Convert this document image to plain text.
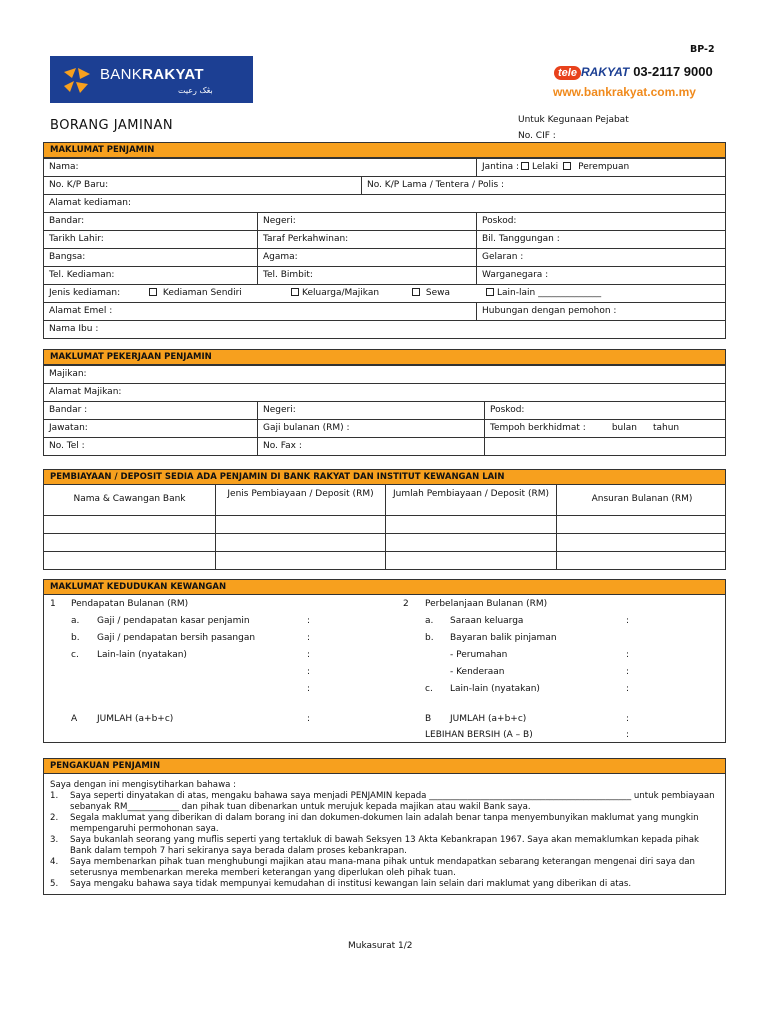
BP-2
BANKRAKYAT
بڠک رعيت
tele RAKYAT 03-2117 9000
www.bankrakyat.com.my
BORANG JAMINAN	Untuk Kegunaan Pejabat
No. CIF :
MAKLUMAT PENJAMIN
Nama:	Jantina : Lelaki Perempuan
No. K/P Baru:	No. K/P Lama / Tentera / Polis :
Alamat kediaman:
Bandar:	Negeri:	Poskod:
Tarikh Lahir:	Taraf Perkahwinan:	Bil. Tanggungan :
Bangsa:	Agama:	Gelaran :
Tel. Kediaman:	Tel. Bimbit:	Warganegara :
Jenis kediaman:	Kediaman Sendiri	Keluarga/Majikan	Sewa	Lain-lain ______________
Alamat Emel :	Hubungan dengan pemohon :
Nama Ibu :
MAKLUMAT PEKERJAAN PENJAMIN
Majikan:
Alamat Majikan:
Bandar :	Negeri:	Poskod:
Jawatan:	Gaji bulanan (RM) :	Tempoh berkhidmat :	bulan tahun
No. Tel :	No. Fax :
PEMBIAYAAN / DEPOSIT SEDIA ADA PENJAMIN DI BANK RAKYAT DAN INSTITUT KEWANGAN LAIN
Nama & Cawangan Bank	Jenis Pembiayaan / Deposit (RM)	Jumlah Pembiayaan / Deposit (RM)	Ansuran Bulanan (RM)
MAKLUMAT KEDUDUKAN KEWANGAN
1 Pendapatan Bulanan (RM)
a. Gaji / pendapatan kasar penjamin	:
b. Gaji / pendapatan bersih pasangan	:
c. Lain-lain (nyatakan)	:
:
:
A JUMLAH (a+b+c)	:
2 Perbelanjaan Bulanan (RM)
a. Saraan keluarga	:
b. Bayaran balik pinjaman
- Perumahan	:
- Kenderaan	:
c. Lain-lain (nyatakan)	:
B JUMLAH (a+b+c)	:
LEBIHAN BERSIH (A – B)	:
PENGAKUAN PENJAMIN
Saya dengan ini mengisytiharkan bahawa :
1.	Saya seperti dinyatakan di atas, mengaku bahawa saya menjadi PENJAMIN kepada _______________________________________________ untuk pembiayaan sebanyak RM____________ dan pihak tuan dibenarkan untuk merujuk kepada majikan atau wakil Bank saya.
2.	Segala maklumat yang diberikan di dalam borang ini dan dokumen-dokumen lain adalah benar tanpa menyembunyikan maklumat yang mungkin mempengaruhi permohonan saya.
3.	Saya bukanlah seorang yang muflis seperti yang tertakluk di bawah Seksyen 13 Akta Kebankrapan 1967. Saya akan memaklumkan kepada pihak Bank dalam tempoh 7 hari sekiranya saya berada dalam proses kebankrapan.
4.	Saya membenarkan pihak tuan menghubungi majikan atau mana-mana pihak untuk mendapatkan sebarang keterangan mengenai diri saya dan seterusnya membenarkan mereka memberi keterangan yang diperlukan oleh pihak tuan.
5.	Saya mengaku bahawa saya tidak mempunyai kemudahan di institusi kewangan lain selain dari maklumat yang diberikan di atas.
Mukasurat 1/2
